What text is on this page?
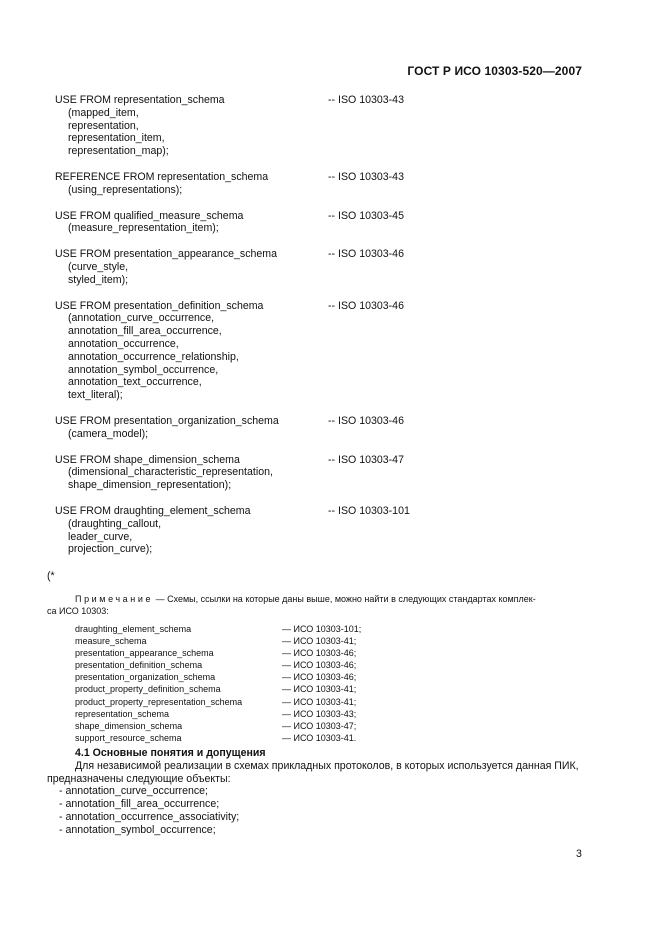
ГОСТ Р ИСО 10303-520—2007
USE FROM representation_schema	-- ISO 10303-43
(mapped_item,
representation,
representation_item,
representation_map);
REFERENCE FROM representation_schema	-- ISO 10303-43
(using_representations);
USE FROM qualified_measure_schema	-- ISO 10303-45
(measure_representation_item);
USE FROM presentation_appearance_schema	-- ISO 10303-46
(curve_style,
styled_item);
USE FROM presentation_definition_schema	-- ISO 10303-46
(annotation_curve_occurrence,
annotation_fill_area_occurrence,
annotation_occurrence,
annotation_occurrence_relationship,
annotation_symbol_occurrence,
annotation_text_occurrence,
text_literal);
USE FROM presentation_organization_schema	-- ISO 10303-46
(camera_model);
USE FROM shape_dimension_schema	-- ISO 10303-47
(dimensional_characteristic_representation,
shape_dimension_representation);
USE FROM draughting_element_schema	-- ISO 10303-101
(draughting_callout,
leader_curve,
projection_curve);
(*
Примечание — Схемы, ссылки на которые даны выше, можно найти в следующих стандартах комплек-
са ИСО 10303:
draughting_element_schema	— ИСО 10303-101;
measure_schema	— ИСО 10303-41;
presentation_appearance_schema	— ИСО 10303-46;
presentation_definition_schema	— ИСО 10303-46;
presentation_organization_schema	— ИСО 10303-46;
product_property_definition_schema	— ИСО 10303-41;
product_property_representation_schema	— ИСО 10303-41;
representation_schema	— ИСО 10303-43;
shape_dimension_schema	— ИСО 10303-47;
support_resource_schema	— ИСО 10303-41.
4.1 Основные понятия и допущения
Для независимой реализации в схемах прикладных протоколов, в которых используется данная ПИК, предназначены следующие объекты:
- annotation_curve_occurrence;
- annotation_fill_area_occurrence;
- annotation_occurrence_associativity;
- annotation_symbol_occurrence;
3
